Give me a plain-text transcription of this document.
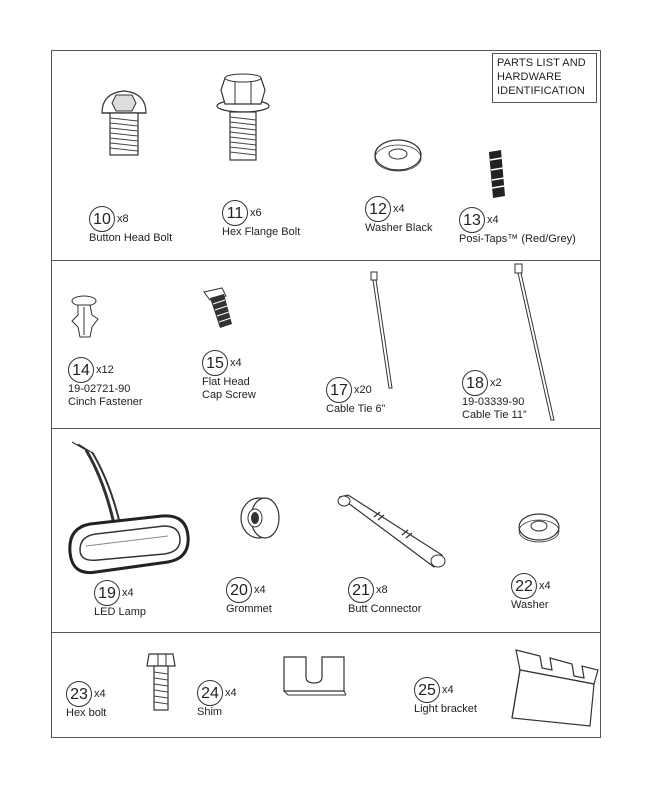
PARTS LIST AND
HARDWARE
IDENTIFICATION
10 x8
Button Head Bolt
11 x6
Hex Flange Bolt
12 x4
Washer Black 13 x4
Posi-Taps™ (Red/Grey)
14 x12
19-02721-90
Cinch Fastener
15 x4
Flat Head
Cap Screw	17 x20
Cable Tie 6”
18 x2
19-03339-90
Cable Tie 11”
19 x4
LED Lamp
20 x4
Grommet
21 x8
Butt Connector
22 x4
Washer
23 x4
Hex bolt
24 x4
Shim
25 x4
Light bracket
